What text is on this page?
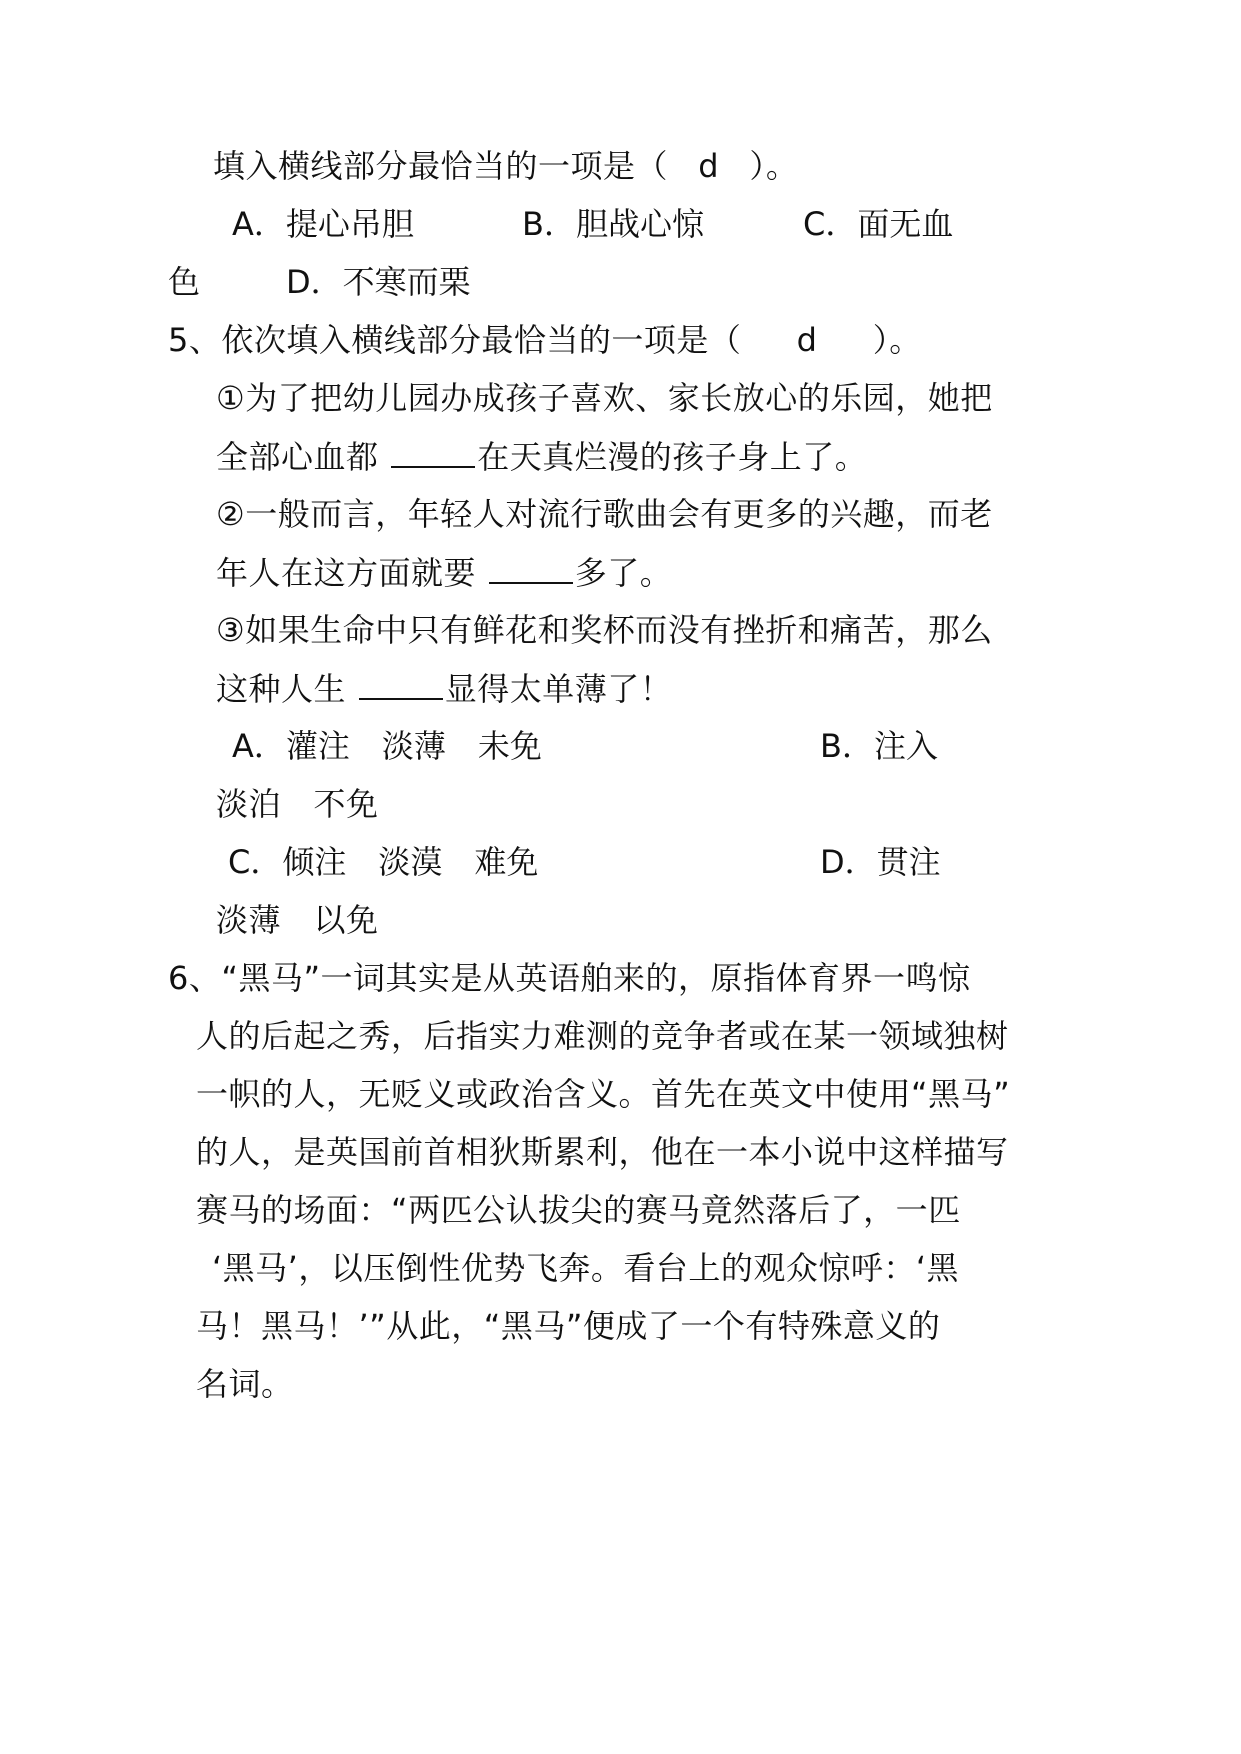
填入横线部分最恰当的一项是（ d ）。
A．提心吊胆	B．胆战心惊	C．面无血
色	D．不寒而栗
5、依次填入横线部分最恰当的一项是（ d ）。
①为了把幼儿园办成孩子喜欢、家长放心的乐园，她把
全部心血都	在天真烂漫的孩子身上了。
②一般而言，年轻人对流行歌曲会有更多的兴趣，而老
年人在这方面就要	多了。
③如果生命中只有鲜花和奖杯而没有挫折和痛苦，那么
这种人生	显得太单薄了！
A．灌注　淡薄　未免	B．注入
淡泊　不免
C．倾注　淡漠　难免	D．贯注
淡薄　以免
6、“黑马”一词其实是从英语舶来的，原指体育界一鸣惊
人的后起之秀，后指实力难测的竞争者或在某一领域独树
一帜的人，无贬义或政治含义。首先在英文中使用“黑马”
的人，是英国前首相狄斯累利，他在一本小说中这样描写
赛马的场面：“两匹公认拔尖的赛马竟然落后了，一匹
‘黑马’，以压倒性优势飞奔。看台上的观众惊呼：‘黑
马！黑马！’”从此，“黑马”便成了一个有特殊意义的
名词。
